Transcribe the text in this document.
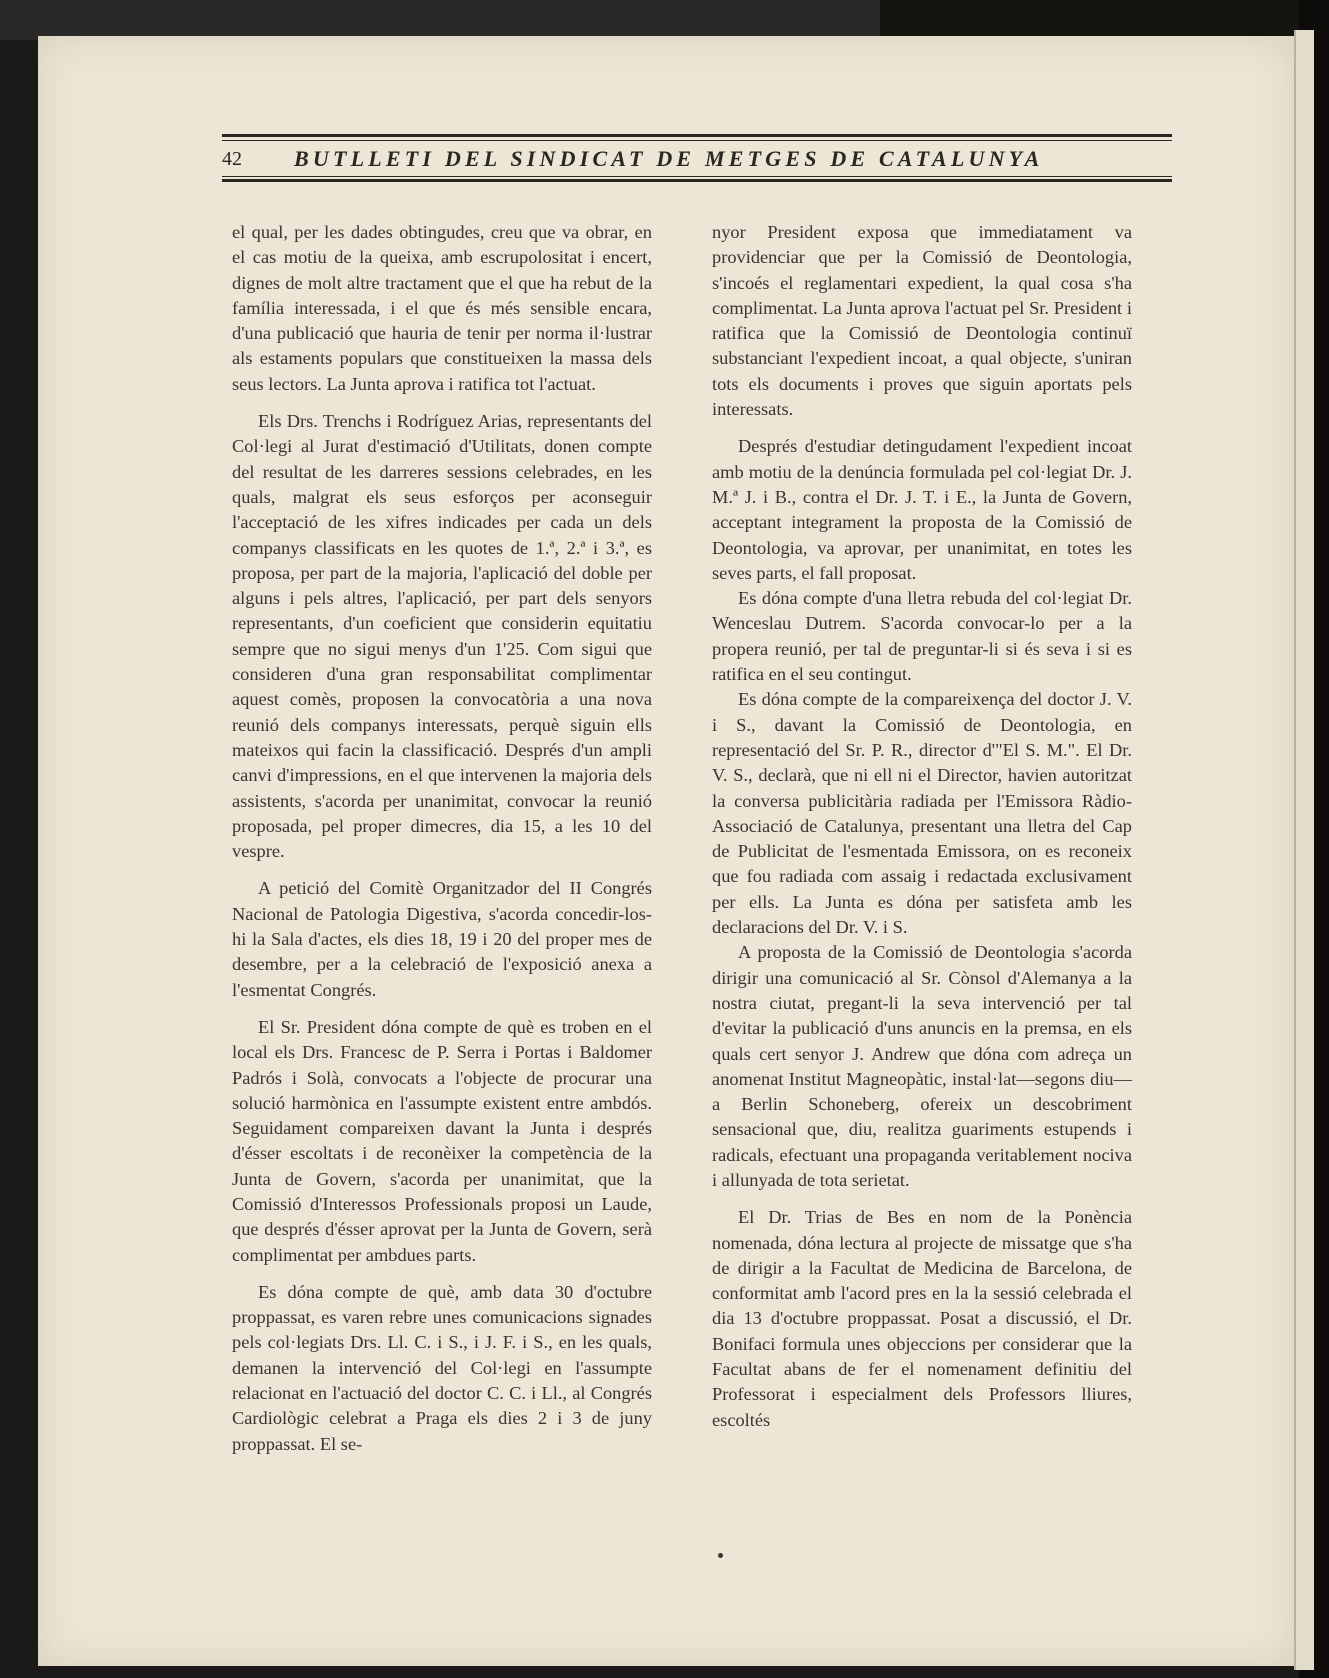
42 BUTLLETI DEL SINDICAT DE METGES DE CATALUNYA

el qual, per les dades obtingudes, creu que va obrar, en el cas motiu de la queixa, amb escrupolositat i encert, dignes de molt altre tractament que el que ha rebut de la família interessada, i el que és més sensible encara, d'una publicació que hauria de tenir per norma il·lustrar als estaments populars que constitueixen la massa dels seus lectors. La Junta aprova i ratifica tot l'actuat.

Els Drs. Trenchs i Rodríguez Arias, representants del Col·legi al Jurat d'estimació d'Utilitats, donen compte del resultat de les darreres sessions celebrades, en les quals, malgrat els seus esforços per aconseguir l'acceptació de les xifres indicades per cada un dels companys classificats en les quotes de 1.ª, 2.ª i 3.ª, es proposa, per part de la majoria, l'aplicació del doble per alguns i pels altres, l'aplicació, per part dels senyors representants, d'un coeficient que considerin equitatiu sempre que no sigui menys d'un 1'25. Com sigui que consideren d'una gran responsabilitat complimentar aquest comès, proposen la convocatòria a una nova reunió dels companys interessats, perquè siguin ells mateixos qui facin la classificació. Després d'un ampli canvi d'impressions, en el que intervenen la majoria dels assistents, s'acorda per unanimitat, convocar la reunió proposada, pel proper dimecres, dia 15, a les 10 del vespre.

A petició del Comitè Organitzador del II Congrés Nacional de Patologia Digestiva, s'acorda concedir-los-hi la Sala d'actes, els dies 18, 19 i 20 del proper mes de desembre, per a la celebració de l'exposició anexa a l'esmentat Congrés.

El Sr. President dóna compte de què es troben en el local els Drs. Francesc de P. Serra i Portas i Baldomer Padrós i Solà, convocats a l'objecte de procurar una solució harmònica en l'assumpte existent entre ambdós. Seguidament compareixen davant la Junta i després d'ésser escoltats i de reconèixer la competència de la Junta de Govern, s'acorda per unanimitat, que la Comissió d'Interessos Professionals proposi un Laude, que després d'ésser aprovat per la Junta de Govern, serà complimentat per ambdues parts.

Es dóna compte de què, amb data 30 d'octubre proppassat, es varen rebre unes comunicacions signades pels col·legiats Drs. Ll. C. i S., i J. F. i S., en les quals, demanen la intervenció del Col·legi en l'assumpte relacionat en l'actuació del doctor C. C. i Ll., al Congrés Cardiològic celebrat a Praga els dies 2 i 3 de juny proppassat. El se-

nyor President exposa que immediatament va providenciar que per la Comissió de Deontologia, s'incoés el reglamentari expedient, la qual cosa s'ha complimentat. La Junta aprova l'actuat pel Sr. President i ratifica que la Comissió de Deontologia continuï substanciant l'expedient incoat, a qual objecte, s'uniran tots els documents i proves que siguin aportats pels interessats.

Després d'estudiar detingudament l'expedient incoat amb motiu de la denúncia formulada pel col·legiat Dr. J. M.ª J. i B., contra el Dr. J. T. i E., la Junta de Govern, acceptant integrament la proposta de la Comissió de Deontologia, va aprovar, per unanimitat, en totes les seves parts, el fall proposat.

Es dóna compte d'una lletra rebuda del col·legiat Dr. Wenceslau Dutrem. S'acorda convocar-lo per a la propera reunió, per tal de preguntar-li si és seva i si es ratifica en el seu contingut.

Es dóna compte de la compareixença del doctor J. V. i S., davant la Comissió de Deontologia, en representació del Sr. P. R., director d'"El S. M.". El Dr. V. S., declarà, que ni ell ni el Director, havien autoritzat la conversa publicitària radiada per l'Emissora Ràdio-Associació de Catalunya, presentant una lletra del Cap de Publicitat de l'esmentada Emissora, on es reconeix que fou radiada com assaig i redactada exclusivament per ells. La Junta es dóna per satisfeta amb les declaracions del Dr. V. i S.

A proposta de la Comissió de Deontologia s'acorda dirigir una comunicació al Sr. Cònsol d'Alemanya a la nostra ciutat, pregant-li la seva intervenció per tal d'evitar la publicació d'uns anuncis en la premsa, en els quals cert senyor J. Andrew que dóna com adreça un anomenat Institut Magneopàtic, instal·lat—segons diu—a Berlin Schoneberg, ofereix un descobriment sensacional que, diu, realitza guariments estupends i radicals, efectuant una propaganda veritablement nociva i allunyada de tota serietat.

El Dr. Trias de Bes en nom de la Ponència nomenada, dóna lectura al projecte de missatge que s'ha de dirigir a la Facultat de Medicina de Barcelona, de conformitat amb l'acord pres en la la sessió celebrada el dia 13 d'octubre proppassat. Posat a discussió, el Dr. Bonifaci formula unes objeccions per considerar que la Facultat abans de fer el nomenament definitiu del Professorat i especialment dels Professors lliures, escoltés
